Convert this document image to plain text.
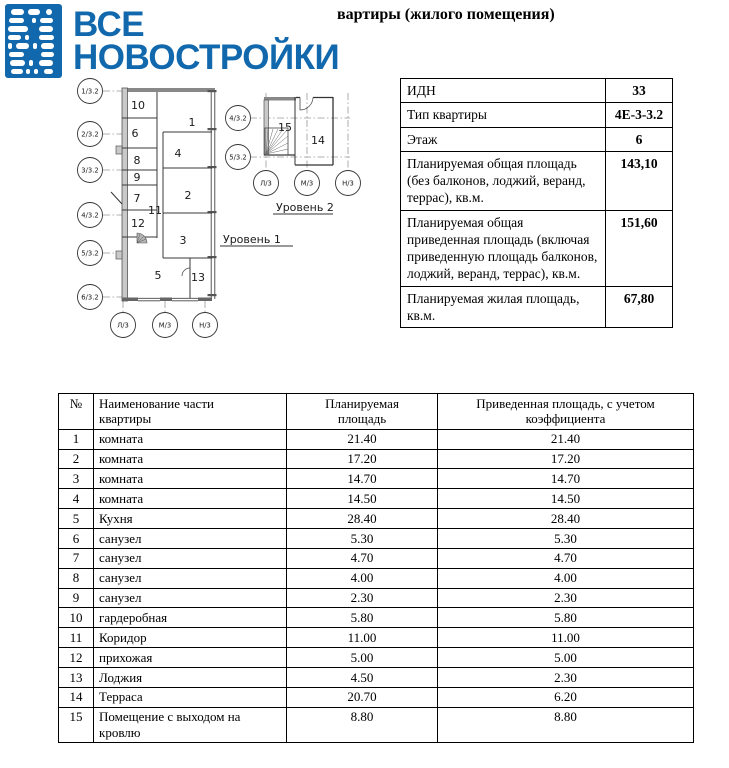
ВСЕ
НОВОСТРОЙКИ
вартиры (жилого помещения)
1/3.2
2/3.2
3/3.2
4/3.2
5/3.2
6/3.2
Л/3	М/3	Н/3
4/3.2
5/3.2
Л/3	М/3	Н/3
10
1
6
4
8
9
2
7
11
12
3
5	13
15
14
Уровень 1
Уровень 2
ИДН	33
Тип квартиры	4Е-3-3.2
Этаж	6
Планируемая общая площадь (без балконов, лоджий, веранд, террас), кв.м.	143,10
Планируемая общая приведенная площадь (включая приведенную площадь балконов, лоджий, веранд, террас), кв.м.	151,60
Планируемая жилая площадь, кв.м.	67,80
№	Наименование части квартиры	Планируемая площадь	Приведенная площадь, с учетом коэффициента
1	комната	21.40	21.40
2	комната	17.20	17.20
3	комната	14.70	14.70
4	комната	14.50	14.50
5	Кухня	28.40	28.40
6	санузел	5.30	5.30
7	санузел	4.70	4.70
8	санузел	4.00	4.00
9	санузел	2.30	2.30
10	гардеробная	5.80	5.80
11	Коридор	11.00	11.00
12	прихожая	5.00	5.00
13	Лоджия	4.50	2.30
14	Терраса	20.70	6.20
15	Помещение с выходом на кровлю	8.80	8.80
